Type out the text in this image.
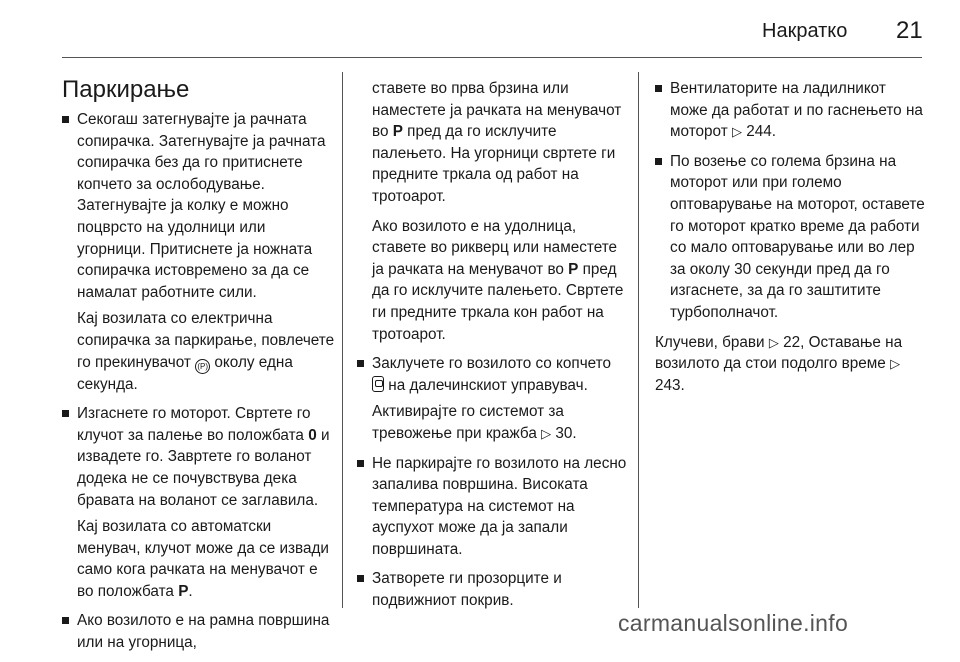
Накратко 21
Паркирање
Секогаш затегнувајте ја рачната сопирачка. Затегнувајте ја рачната сопирачка без да го притиснете копчето за ослободување. Затегнувајте ја колку е можно поцврсто на удолници или угорници. Притиснете ја ножната сопирачка истовремено за да се намалат работните сили.
Кај возилата со електрична сопирачка за паркирање, повлечете го прекинувачот (P) околу една секунда.
Изгаснете го моторот. Свртете го клучот за палење во положбата 0 и извадете го. Завртете го воланот додека не се почувствува дека бравата на воланот се заглавила.
Кај возилата со автоматски менувач, клучот може да се извади само кога рачката на менувачот е во положбата P.
Ако возилото е на рамна површина или на угорница,
ставете во прва брзина или наместете ја рачката на менувачот во P пред да го исклучите палењето. На угорници свртете ги предните тркала од работ на тротоарот.
Ако возилото е на удолница, ставете во рикверц или наместете ја рачката на менувачот во P пред да го исклучите палењето. Свртете ги предните тркала кон работ на тротоарот.
Заклучете го возилото со копчето  на далечинскиот управувач.
Активирајте го системот за тревожење при кражба ▷ 30.
Не паркирајте го возилото на лесно запалива површина. Високата температура на системот на ауспухот може да ја запали површината.
Затворете ги прозорците и подвижниот покрив.
Вентилаторите на ладилникот може да работат и по гаснењето на моторот ▷ 244.
По возење со голема брзина на моторот или при големо оптоварување на моторот, оставете го моторот кратко време да работи со мало оптоварување или во лер за околу 30 секунди пред да го изгаснете, за да го заштитите турбополначот.
Клучеви, брави ▷ 22, Оставање на возилото да стои подолго време ▷ 243.
carmanualsonline.info
